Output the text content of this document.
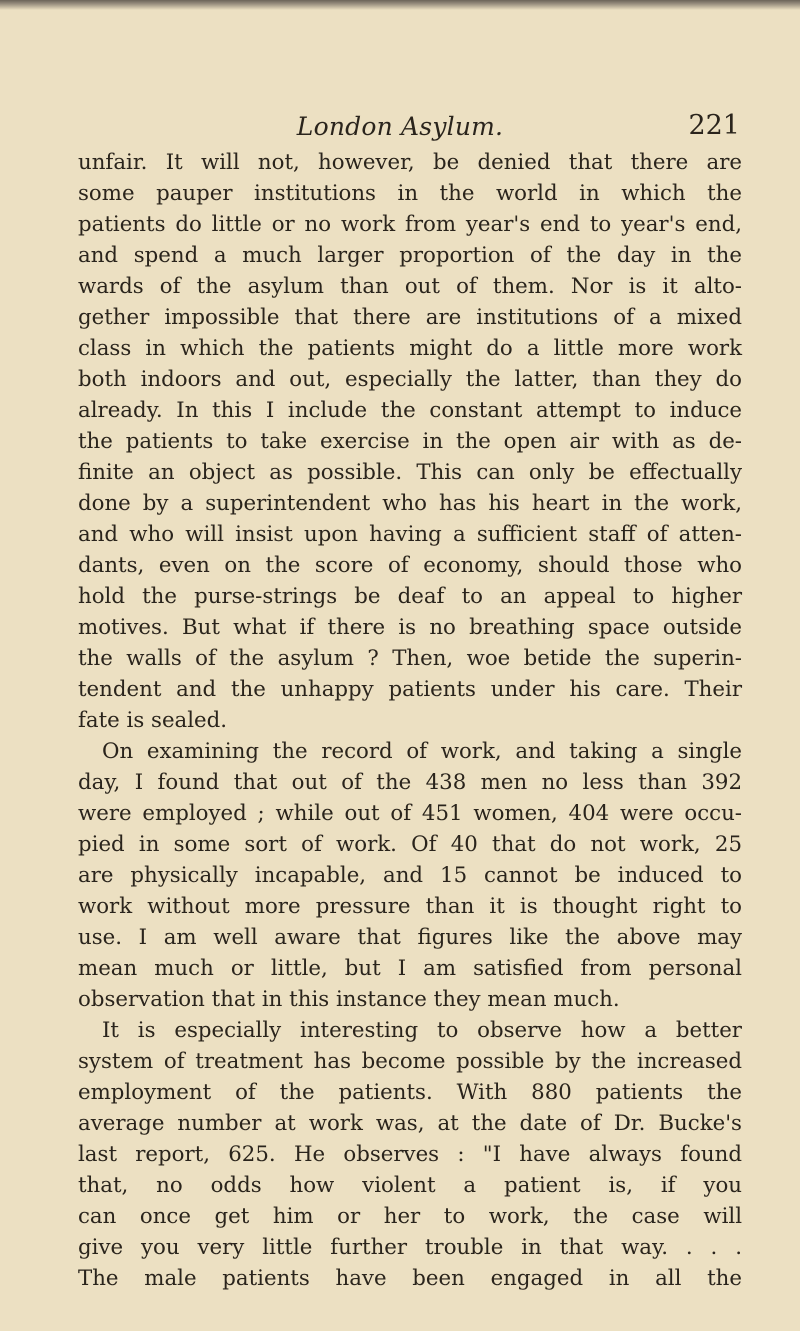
London Asylum.	221
unfair. It will not, however, be denied that there are
some pauper institutions in the world in which the
patients do little or no work from year's end to year's end,
and spend a much larger proportion of the day in the
wards of the asylum than out of them. Nor is it alto-
gether impossible that there are institutions of a mixed
class in which the patients might do a little more work
both indoors and out, especially the latter, than they do
already. In this I include the constant attempt to induce
the patients to take exercise in the open air with as de-
finite an object as possible. This can only be effectually
done by a superintendent who has his heart in the work,
and who will insist upon having a sufficient staff of atten-
dants, even on the score of economy, should those who
hold the purse-strings be deaf to an appeal to higher
motives. But what if there is no breathing space outside
the walls of the asylum ? Then, woe betide the superin-
tendent and the unhappy patients under his care. Their
fate is sealed.
On examining the record of work, and taking a single
day, I found that out of the 438 men no less than 392
were employed ; while out of 451 women, 404 were occu-
pied in some sort of work. Of 40 that do not work, 25
are physically incapable, and 15 cannot be induced to
work without more pressure than it is thought right to
use. I am well aware that figures like the above may
mean much or little, but I am satisfied from personal
observation that in this instance they mean much.
It is especially interesting to observe how a better
system of treatment has become possible by the increased
employment of the patients. With 880 patients the
average number at work was, at the date of Dr. Bucke's
last report, 625. He observes : "I have always found
that, no odds how violent a patient is, if you
can once get him or her to work, the case will
give you very little further trouble in that way. . . .
The male patients have been engaged in all the
